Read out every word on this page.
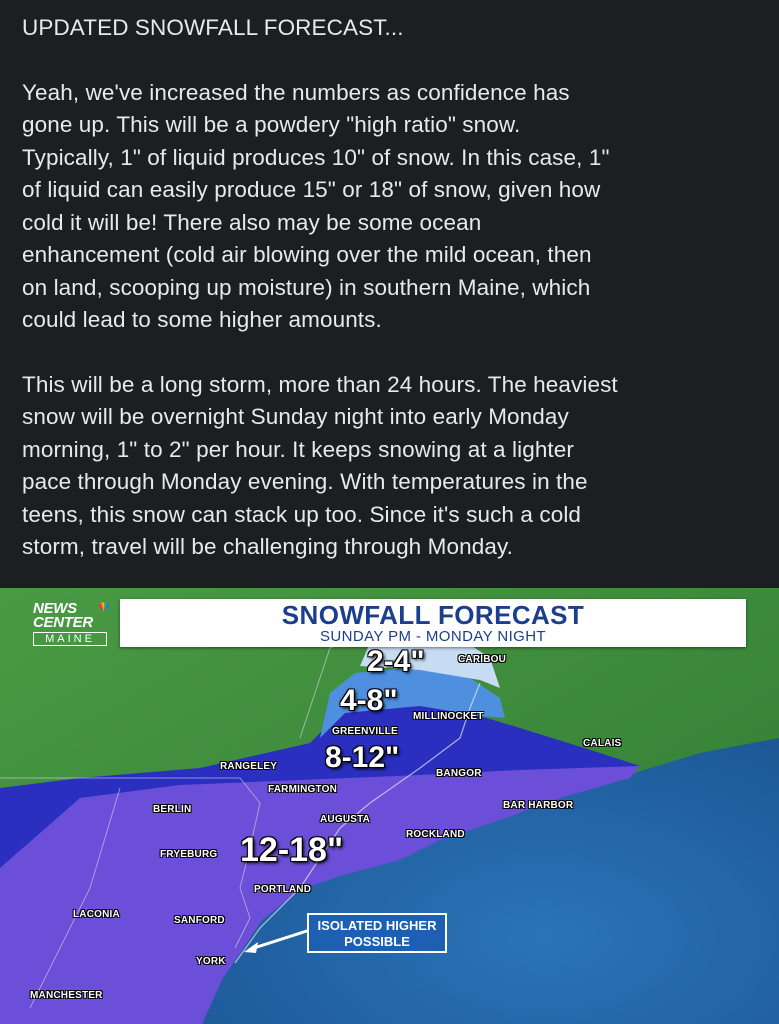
UPDATED SNOWFALL FORECAST...

Yeah, we've increased the numbers as confidence has
gone up. This will be a powdery "high ratio" snow.
Typically, 1" of liquid produces 10" of snow. In this case, 1"
of liquid can easily produce 15" or 18" of snow, given how
cold it will be! There also may be some ocean
enhancement (cold air blowing over the mild ocean, then
on land, scooping up moisture) in southern Maine, which
could lead to some higher amounts.

This will be a long storm, more than 24 hours. The heaviest
snow will be overnight Sunday night into early Monday
morning, 1" to 2" per hour. It keeps snowing at a lighter
pace through Monday evening. With temperatures in the
teens, this snow can stack up too. Since it's such a cold
storm, travel will be challenging through Monday.

NEWS
CENTER
MAINE
SNOWFALL FORECAST
SUNDAY PM - MONDAY NIGHT
2-4"
4-8"
8-12"
12-18"
CARIBOU
MILLINOCKET
GREENVILLE
CALAIS
RANGELEY
BANGOR
FARMINGTON
BERLIN	BAR HARBOR
AUGUSTA
ROCKLAND
FRYEBURG
PORTLAND
LACONIA
SANFORD
YORK
MANCHESTER
ISOLATED HIGHER
POSSIBLE
